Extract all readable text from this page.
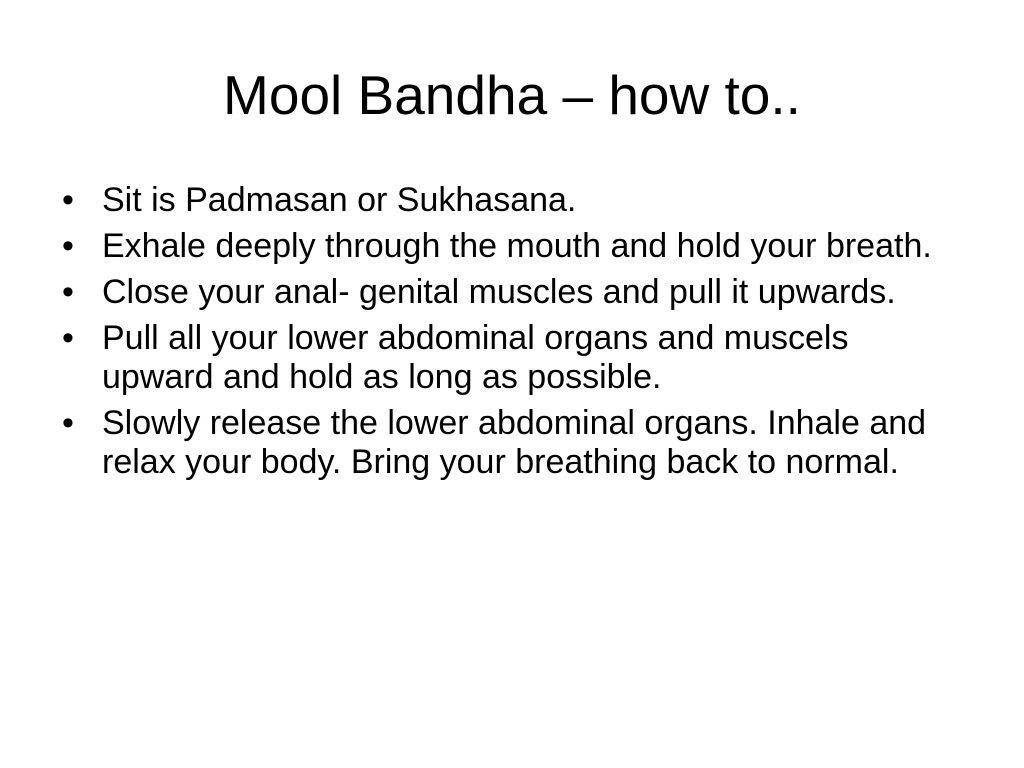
Mool Bandha – how to..
• Sit is Padmasan or Sukhasana.
• Exhale deeply through the mouth and hold your breath.
• Close your anal- genital muscles and pull it upwards.
• Pull all your lower abdominal organs and muscels upward and hold as long as possible.
• Slowly release the lower abdominal organs. Inhale and relax your body. Bring your breathing back to normal.
